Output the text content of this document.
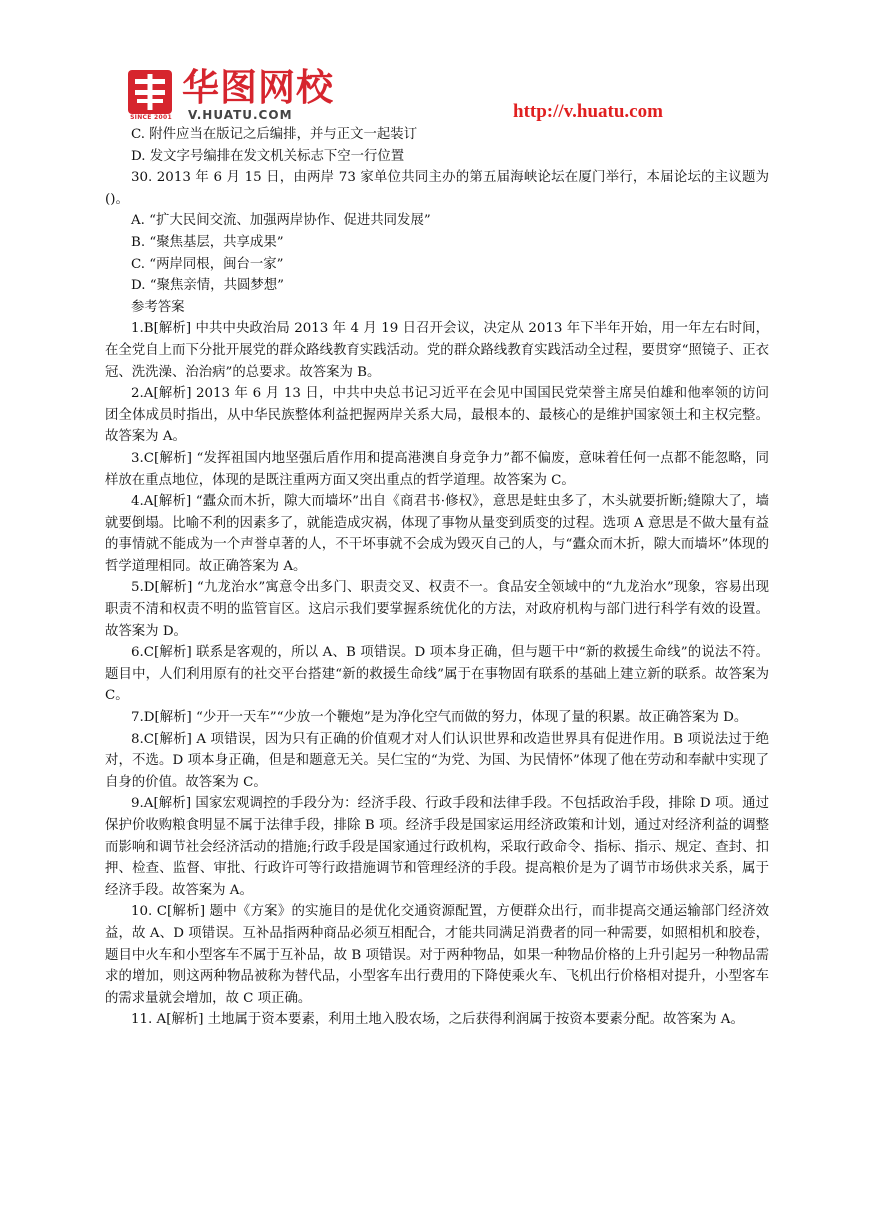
SINCE 2001
华图网校
V.HUATU.COM	http://v.huatu.com

C. 附件应当在版记之后编排，并与正文一起装订

D. 发文字号编排在发文机关标志下空一行位置

30. 2013 年 6 月 15 日，由两岸 73 家单位共同主办的第五届海峡论坛在厦门举行，本届论坛的主议题为()。

A. “扩大民间交流、加强两岸协作、促进共同发展”

B. “聚焦基层，共享成果”

C. “两岸同根，闽台一家”

D. “聚焦亲情，共圆梦想”

参考答案

1.B[解析] 中共中央政治局 2013 年 4 月 19 日召开会议，决定从 2013 年下半年开始，用一年左右时间，在全党自上而下分批开展党的群众路线教育实践活动。党的群众路线教育实践活动全过程，要贯穿“照镜子、正衣冠、洗洗澡、治治病”的总要求。故答案为 B。

2.A[解析] 2013 年 6 月 13 日，中共中央总书记习近平在会见中国国民党荣誉主席吴伯雄和他率领的访问团全体成员时指出，从中华民族整体利益把握两岸关系大局，最根本的、最核心的是维护国家领土和主权完整。故答案为 A。

3.C[解析] “发挥祖国内地坚强后盾作用和提高港澳自身竞争力”都不偏废，意味着任何一点都不能忽略，同样放在重点地位，体现的是既注重两方面又突出重点的哲学道理。故答案为 C。

4.A[解析] “蠹众而木折，隙大而墙坏”出自《商君书·修权》，意思是蛀虫多了，木头就要折断;缝隙大了，墙就要倒塌。比喻不利的因素多了，就能造成灾祸，体现了事物从量变到质变的过程。选项 A 意思是不做大量有益的事情就不能成为一个声誉卓著的人，不干坏事就不会成为毁灭自己的人，与“蠹众而木折，隙大而墙坏”体现的哲学道理相同。故正确答案为 A。

5.D[解析] “九龙治水”寓意令出多门、职责交叉、权责不一。食品安全领域中的“九龙治水”现象，容易出现职责不清和权责不明的监管盲区。这启示我们要掌握系统优化的方法，对政府机构与部门进行科学有效的设置。故答案为 D。

6.C[解析] 联系是客观的，所以 A、B 项错误。D 项本身正确，但与题干中“新的救援生命线”的说法不符。题目中，人们利用原有的社交平台搭建“新的救援生命线”属于在事物固有联系的基础上建立新的联系。故答案为 C。

7.D[解析] “少开一天车”“少放一个鞭炮”是为净化空气而做的努力，体现了量的积累。故正确答案为 D。

8.C[解析] A 项错误，因为只有正确的价值观才对人们认识世界和改造世界具有促进作用。B 项说法过于绝对，不选。D 项本身正确，但是和题意无关。吴仁宝的“为党、为国、为民情怀”体现了他在劳动和奉献中实现了自身的价值。故答案为 C。

9.A[解析] 国家宏观调控的手段分为：经济手段、行政手段和法律手段。不包括政治手段，排除 D 项。通过保护价收购粮食明显不属于法律手段，排除 B 项。经济手段是国家运用经济政策和计划，通过对经济利益的调整而影响和调节社会经济活动的措施;行政手段是国家通过行政机构，采取行政命令、指标、指示、规定、查封、扣押、检查、监督、审批、行政许可等行政措施调节和管理经济的手段。提高粮价是为了调节市场供求关系，属于经济手段。故答案为 A。

10. C[解析] 题中《方案》的实施目的是优化交通资源配置，方便群众出行，而非提高交通运输部门经济效益，故 A、D 项错误。互补品指两种商品必须互相配合，才能共同满足消费者的同一种需要，如照相机和胶卷，题目中火车和小型客车不属于互补品，故 B 项错误。对于两种物品，如果一种物品价格的上升引起另一种物品需求的增加，则这两种物品被称为替代品，小型客车出行费用的下降使乘火车、飞机出行价格相对提升，小型客车的需求量就会增加，故 C 项正确。

11. A[解析] 土地属于资本要素，利用土地入股农场，之后获得利润属于按资本要素分配。故答案为 A。
